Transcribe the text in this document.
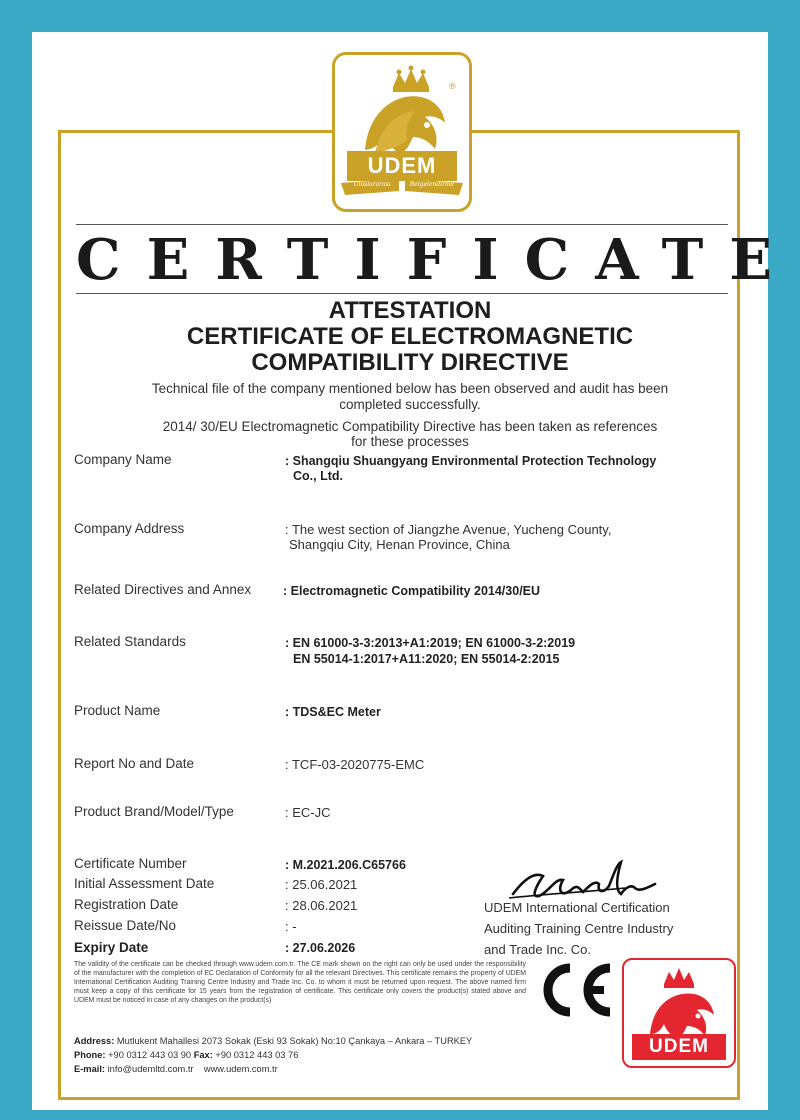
UDEM
Uluslararası	Belgelendirme
®
CERTIFICATE
ATTESTATION
CERTIFICATE OF ELECTROMAGNETIC
COMPATIBILITY DIRECTIVE
Technical file of the company mentioned below has been observed and audit has been
completed successfully.
2014/ 30/EU Electromagnetic Compatibility Directive has been taken as references
for these processes
Company Name	: Shangqiu Shuangyang Environmental Protection Technology
Co., Ltd.
Company Address	: The west section of Jiangzhe Avenue, Yucheng County,
Shangqiu City, Henan Province, China
Related Directives and Annex	: Electromagnetic Compatibility 2014/30/EU
Related Standards	: EN 61000-3-3:2013+A1:2019; EN 61000-3-2:2019
EN 55014-1:2017+A11:2020; EN 55014-2:2015
Product Name	: TDS&EC Meter
Report No and Date	: TCF-03-2020775-EMC
Product Brand/Model/Type	: EC-JC
Certificate Number	: M.2021.206.C65766
Initial Assessment Date	: 25.06.2021
Registration Date	: 28.06.2021
Reissue Date/No	: -
Expiry Date	: 27.06.2026
UDEM International Certification
Auditing Training Centre Industry
and Trade Inc. Co.
The validity of the certificate can be checked through www.udem.com.tr. The CE mark shown on the right can only be used under the responsibility of the manufacturer with the completion of EC Declaration of Conformity for all the relevant Directives. This certificate remains the property of UDEM International Certification Auditing Training Centre Industry and Trade Inc. Co. to whom it must be returned upon request. The above named firm must keep a copy of this certificate for 15 years from the registration of certificate. This certificate only covers the product(s) stated above and UDEM must be noticed in case of any changes on the product(s)
Address: Mutlukent Mahallesi 2073 Sokak (Eski 93 Sokak) No:10 Çankaya – Ankara – TURKEY
Phone: +90 0312 443 03 90 Fax: +90 0312 443 03 76
E-mail: info@udemltd.com.tr www.udem.com.tr
UDEM
